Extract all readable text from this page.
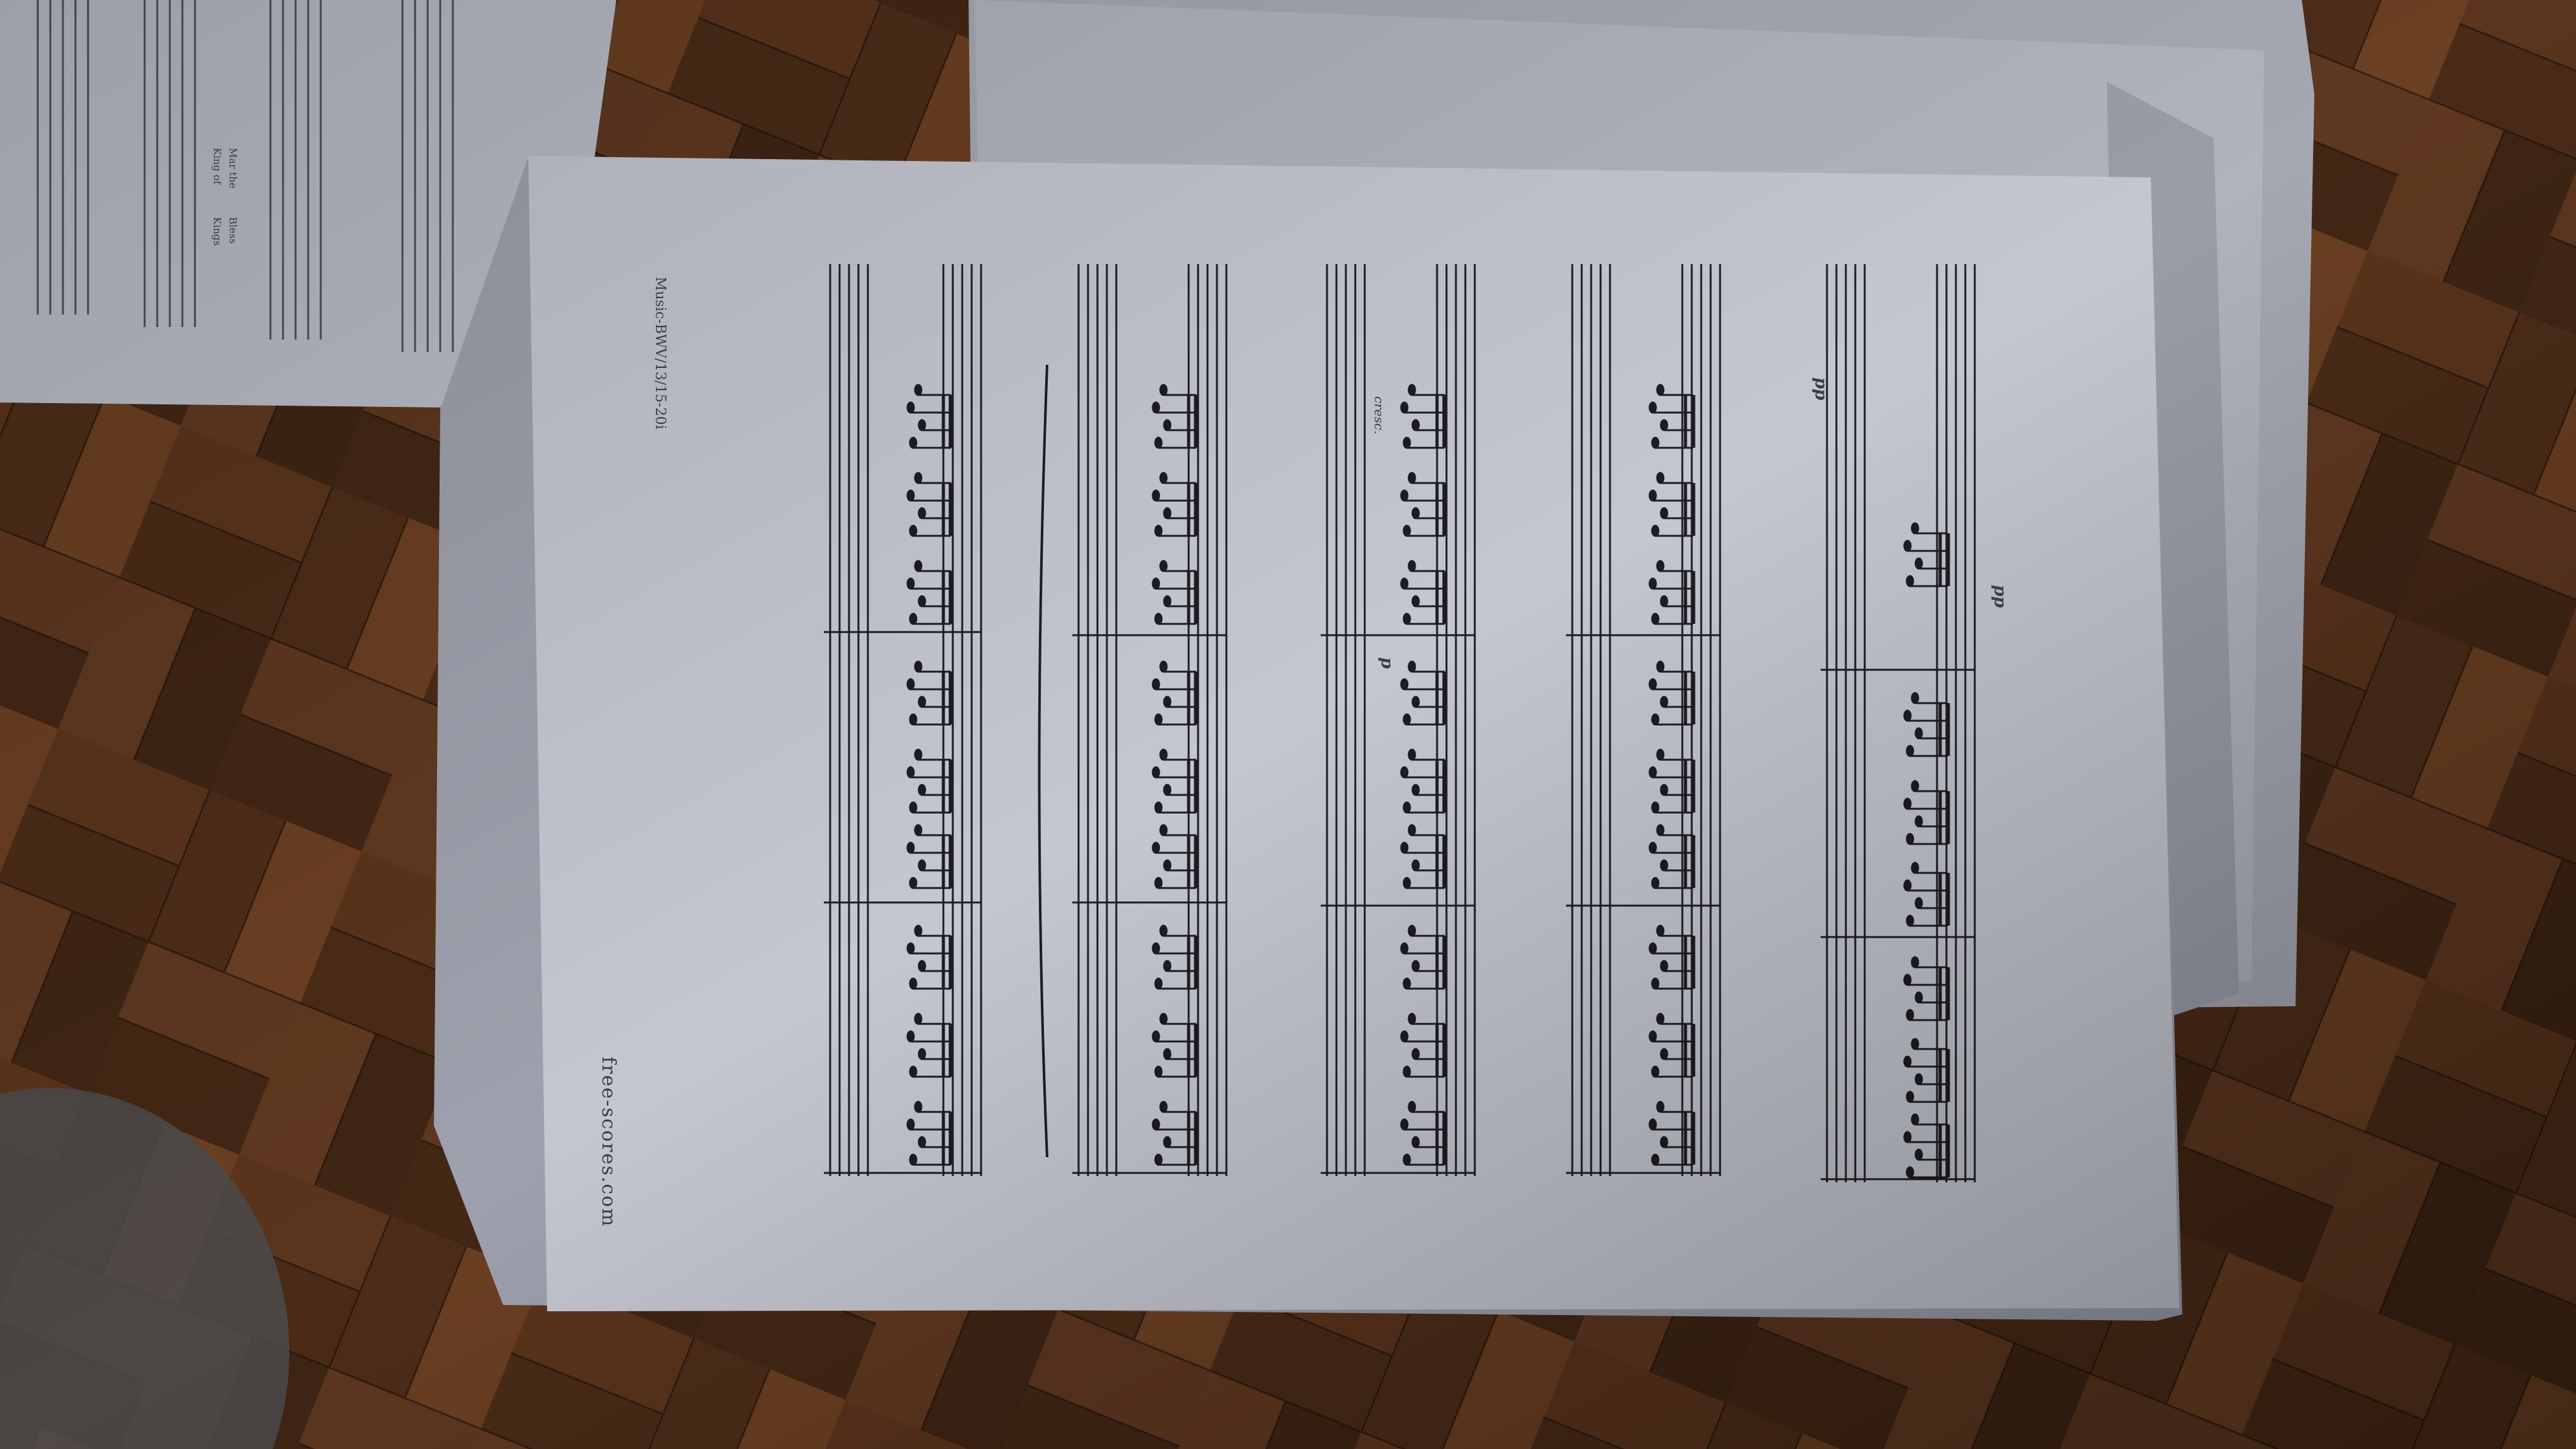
Music-BWV/13/15-20i
free-scores.com
pp
pp
p
cresc.
King of
Kings
Mar the
Bless
